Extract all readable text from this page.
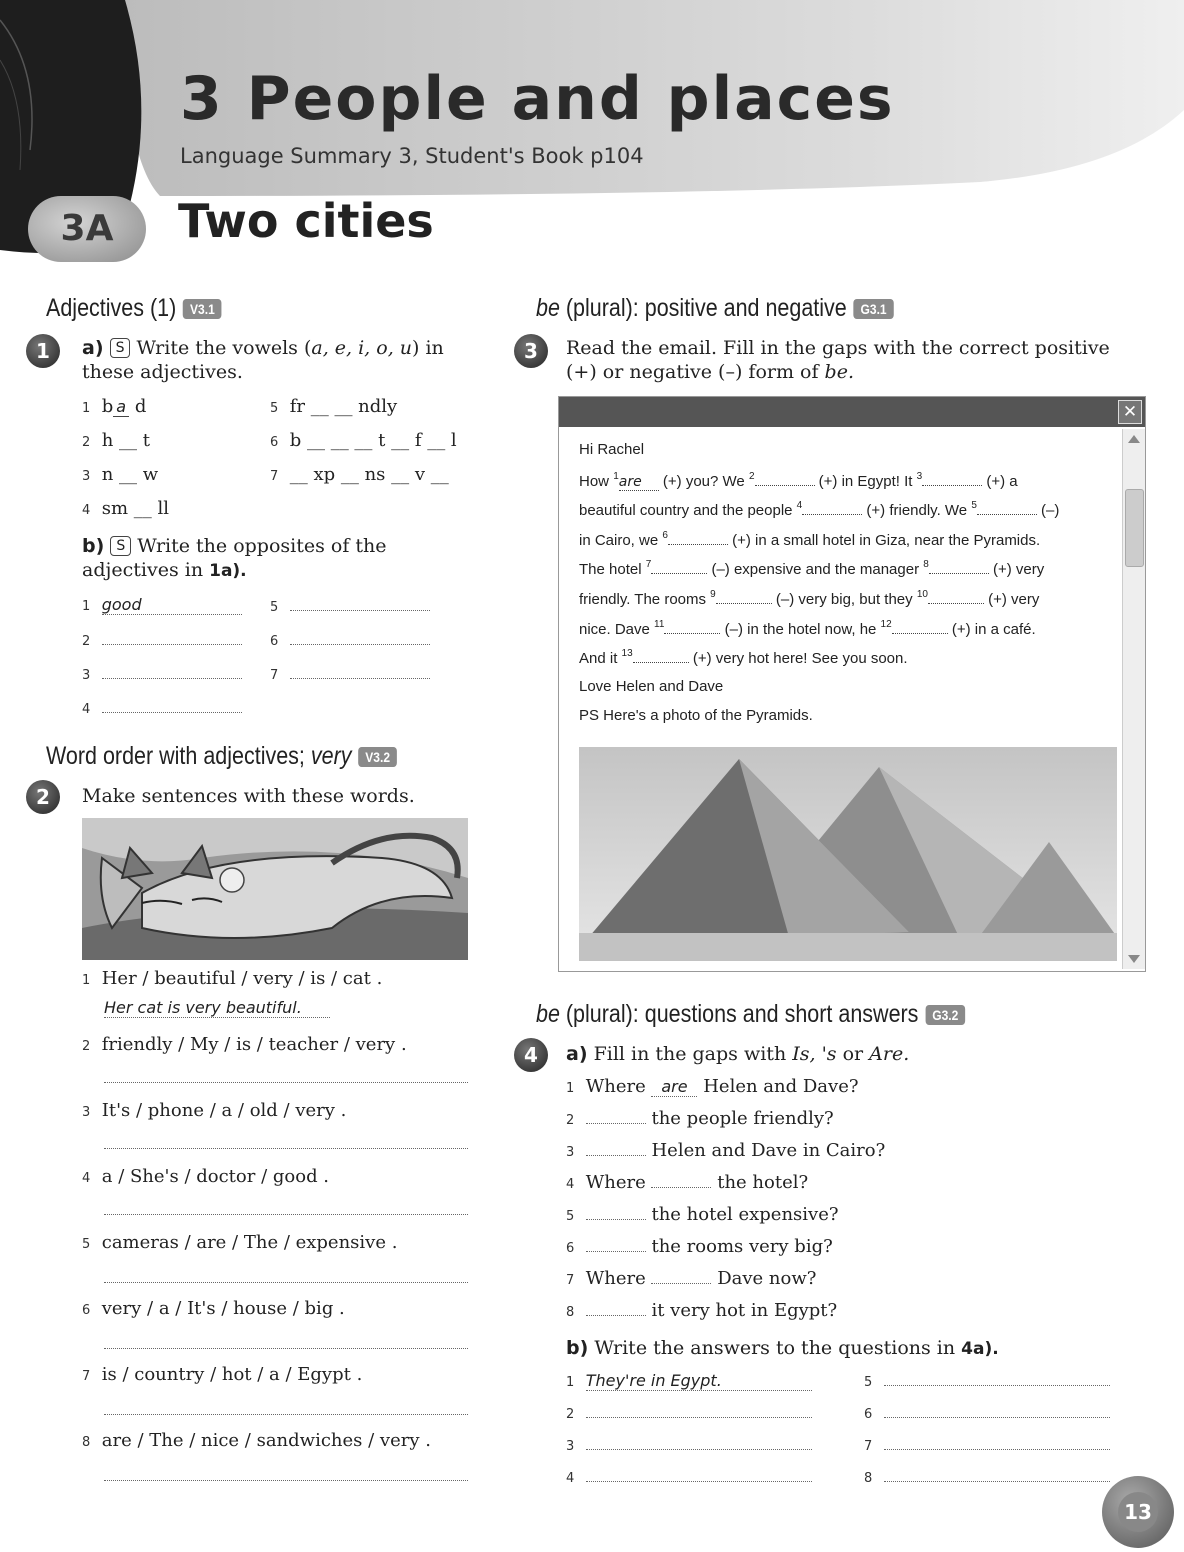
3 People and places
Language Summary 3, Student's Book p104
3A	Two cities
Adjectives (1) V3.1
1	a) S Write the vowels (a, e, i, o, u) in these adjectives.
1 b a d
2 h __ t
3 n __ w
4 sm __ ll
5 fr __ __ ndly
6 b __ __ __ t __ f __ l
7 __ xp __ ns __ v __
b) S Write the opposites of the adjectives in 1a).
1 good
2
3
4
5
6
7
Word order with adjectives; very V3.2
2	Make sentences with these words.
1 Her / beautiful / very / is / cat .
Her cat is very beautiful.
2 friendly / My / is / teacher / very .
3 It's / phone / a / old / very .
4 a / She's / doctor / good .
5 cameras / are / The / expensive .
6 very / a / It's / house / big .
7 is / country / hot / a / Egypt .
8 are / The / nice / sandwiches / very .
be (plural): positive and negative G3.1
3	Read the email. Fill in the gaps with the correct positive (+) or negative (–) form of be.
✕
Hi Rachel
How $^1$are (+) you? We $^2$	(+) in Egypt! It $^3$	(+) a
beautiful country and the people $^4$	(+) friendly. We $^5$	(–)
in Cairo, we $^6$	(+) in a small hotel in Giza, near the Pyramids.
The hotel $^7$	(–) expensive and the manager $^8$	(+) very
friendly. The rooms $^9$	(–) very big, but they $^{10}$	(+) very
nice. Dave $^{11}$	(–) in the hotel now, he $^{12}$	(+) in a café.
And it $^{13}$	(+) very hot here! See you soon.
Love Helen and Dave
PS Here's a photo of the Pyramids.
be (plural): questions and short answers G3.2
4	a) Fill in the gaps with Is, 's or Are.
1 Where are Helen and Dave?
2	the people friendly?
3	Helen and Dave in Cairo?
4 Where	the hotel?
5	the hotel expensive?
6	the rooms very big?
7 Where	Dave now?
8	it very hot in Egypt?
b) Write the answers to the questions in 4a).
1 They're in Egypt.
2
3
4
5
6
7
8
13
